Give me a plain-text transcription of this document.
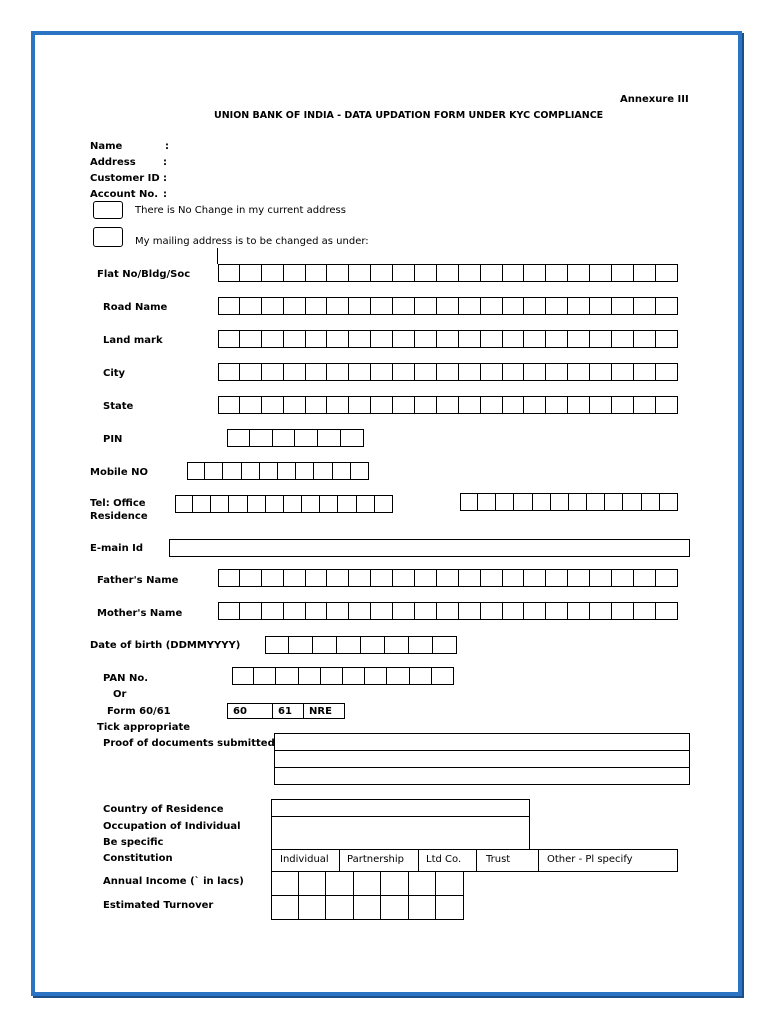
Annexure III
UNION BANK OF INDIA - DATA UPDATION FORM UNDER KYC COMPLIANCE
Name	:
Address	:
Customer ID :
Account No. :
There is No Change in my current address
My mailing address is to be changed as under:
Flat No/Bldg/Soc
Road Name
Land mark
City
State
PIN
Mobile NO
Tel: Office
Residence
E-main Id
Father's Name
Mother's Name
Date of birth (DDMMYYYY)
PAN No.
Or
Form 60/61	60	61	NRE
Tick appropriate
Proof of documents submitted
Country of Residence
Occupation of Individual
Be specific
Constitution	Individual	Partnership	Ltd Co.	Trust	Other - Pl specify
Annual Income (` in lacs)
Estimated Turnover
